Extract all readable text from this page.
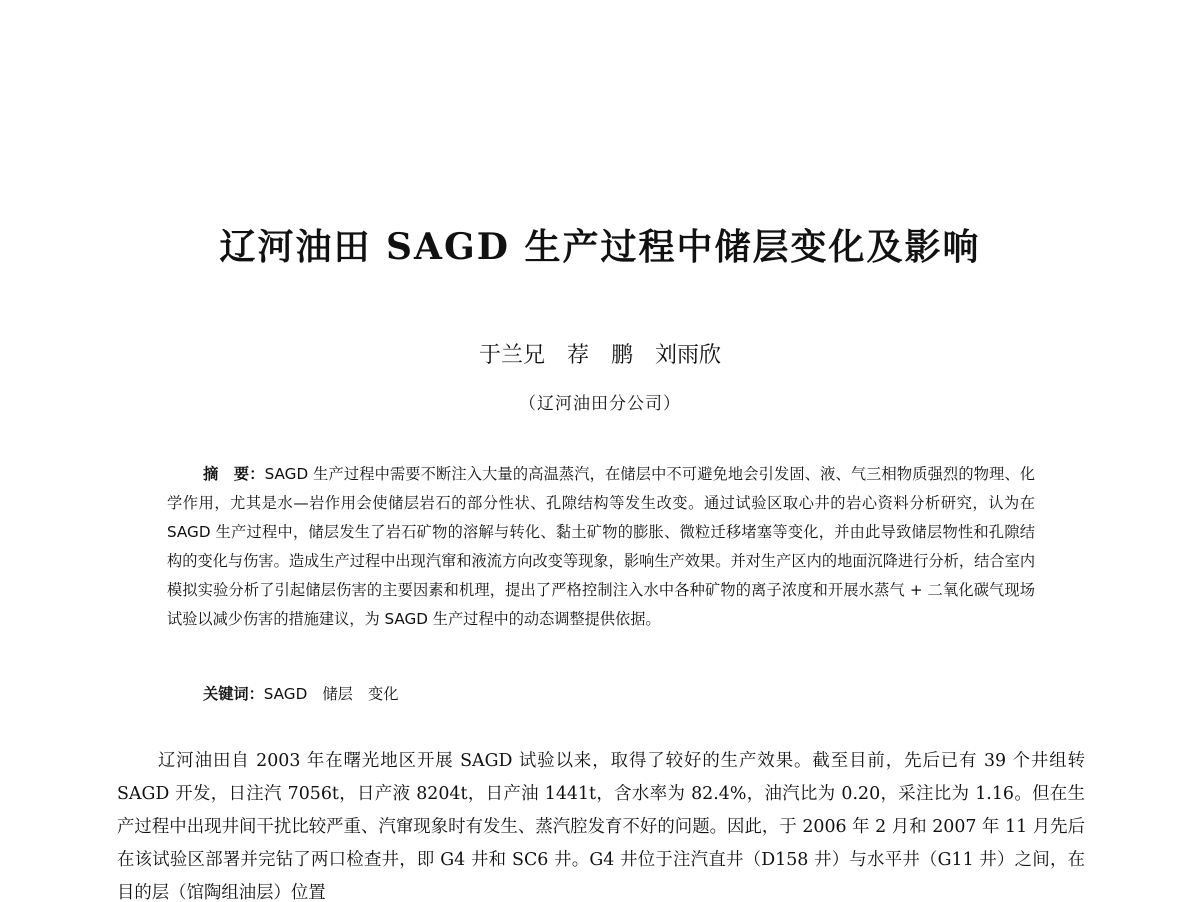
辽河油田 SAGD 生产过程中储层变化及影响
于兰兄　荐　鹏　刘雨欣
（辽河油田分公司）
摘　要：SAGD 生产过程中需要不断注入大量的高温蒸汽，在储层中不可避免地会引发固、液、气三相物质强烈的物理、化学作用，尤其是水—岩作用会使储层岩石的部分性状、孔隙结构等发生改变。通过试验区取心井的岩心资料分析研究，认为在 SAGD 生产过程中，储层发生了岩石矿物的溶解与转化、黏土矿物的膨胀、微粒迁移堵塞等变化，并由此导致储层物性和孔隙结构的变化与伤害。造成生产过程中出现汽窜和液流方向改变等现象，影响生产效果。并对生产区内的地面沉降进行分析，结合室内模拟实验分析了引起储层伤害的主要因素和机理，提出了严格控制注入水中各种矿物的离子浓度和开展水蒸气 + 二氧化碳气现场试验以减少伤害的措施建议，为 SAGD 生产过程中的动态调整提供依据。
关键词：SAGD　储层　变化
辽河油田自 2003 年在曙光地区开展 SAGD 试验以来，取得了较好的生产效果。截至目前，先后已有 39 个井组转 SAGD 开发，日注汽 7056t，日产液 8204t，日产油 1441t，含水率为 82.4%，油汽比为 0.20，采注比为 1.16。但在生产过程中出现井间干扰比较严重、汽窜现象时有发生、蒸汽腔发育不好的问题。因此，于 2006 年 2 月和 2007 年 11 月先后在该试验区部署并完钻了两口检查井，即 G4 井和 SC6 井。G4 井位于注汽直井（D158 井）与水平井（G11 井）之间，在目的层（馆陶组油层）位置
